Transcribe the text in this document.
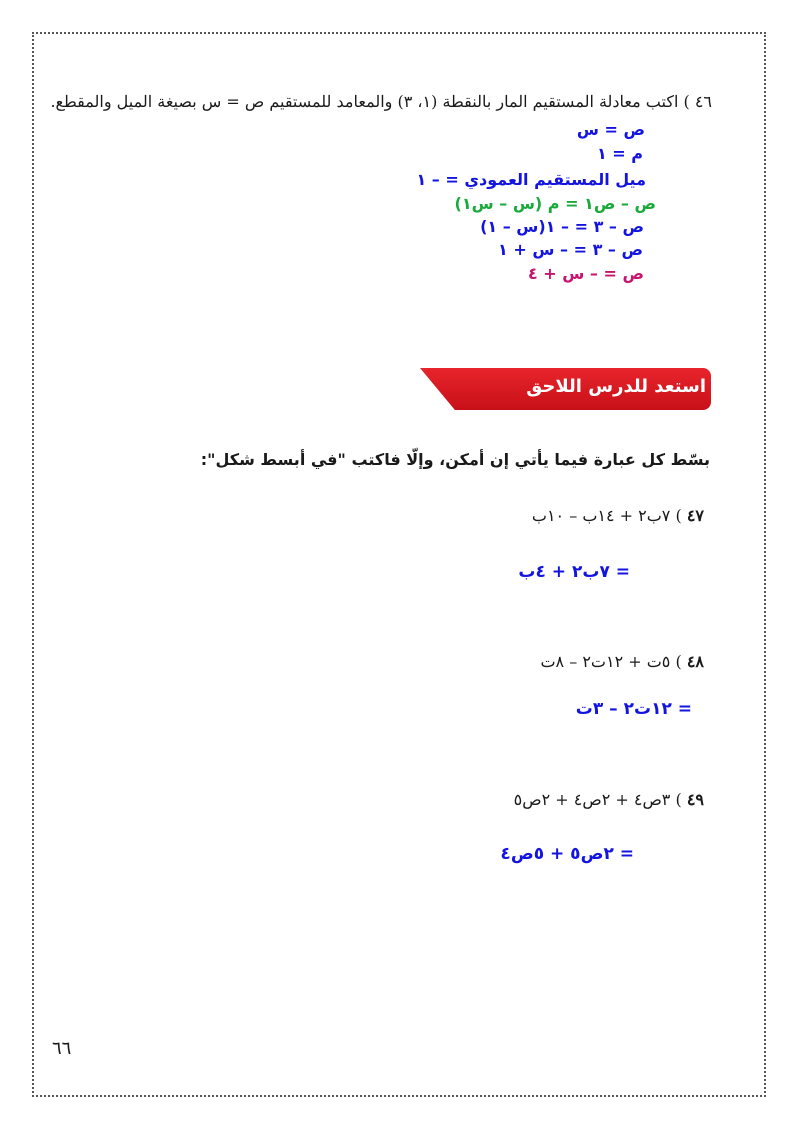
٤٦ ) اكتب معادلة المستقيم المار بالنقطة (١، ٣) والمعامد للمستقيم ص = س بصيغة الميل والمقطع.
ص = س
م = ١
ميل المستقيم العمودي = – ١
ص – ص١ = م (س – س١)
ص – ٣ = – ١(س – ١)
ص – ٣ = – س + ١
ص = – س + ٤
استعد للدرس اللاحق
بسّط كل عبارة فيما يأتي إن أمكن، وإلّا فاكتب "في أبسط شكل":
٤٧ ) ٧ب٢ + ١٤ب – ١٠ب
= ٧ب٢ + ٤ب
٤٨ ) ٥ت + ١٢ت٢ – ٨ت
= ١٢ت٢ – ٣ت
٤٩ ) ٣ص٤ + ٢ص٤ + ٢ص٥
= ٢ص٥ + ٥ص٤
٦٦
